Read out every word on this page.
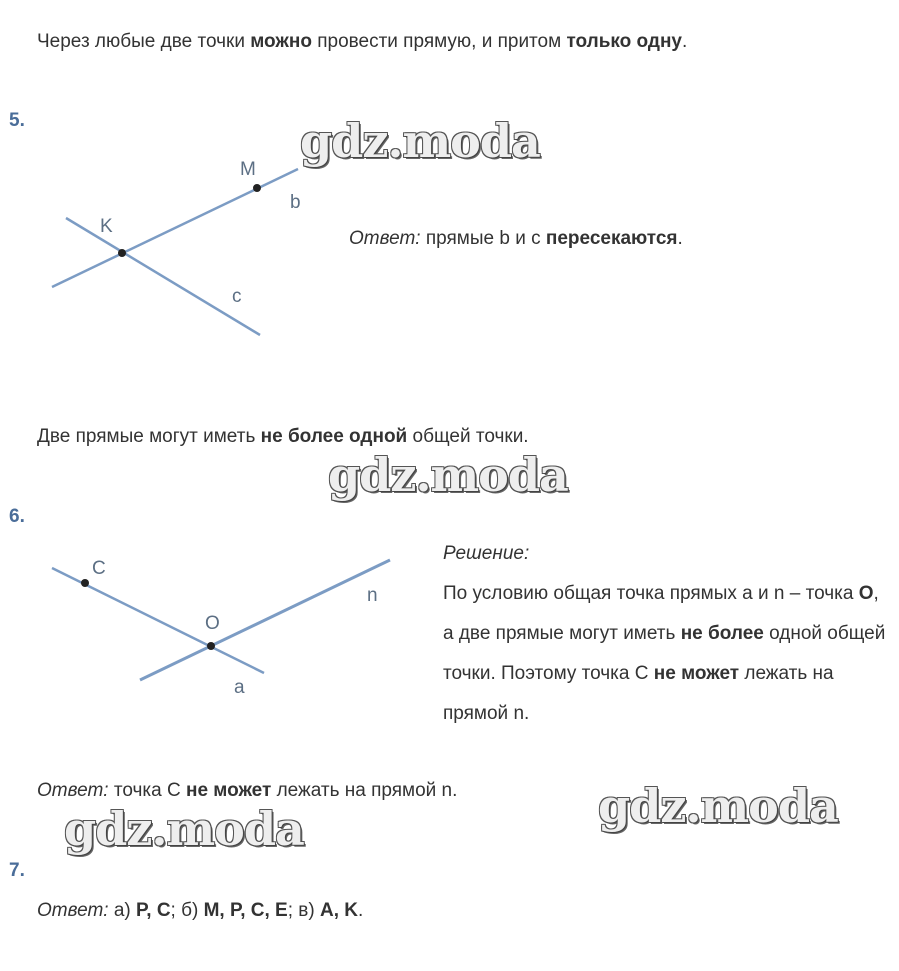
Через любые две точки можно провести прямую, и притом только одну.
5.	gdz.moda
M
K
b
c
Ответ: прямые b и c пересекаются.
Две прямые могут иметь не более одной общей точки.
gdz.moda
6.
C
O
n
a
Решение:
По условию общая точка прямых a и n – точка O, а две прямые могут иметь не более одной общей точки. Поэтому точка C не может лежать на прямой n.
Ответ: точка C не может лежать на прямой n.	gdz.moda
gdz.moda
7.
Ответ: а) P, C; б) M, P, C, E; в) A, K.
